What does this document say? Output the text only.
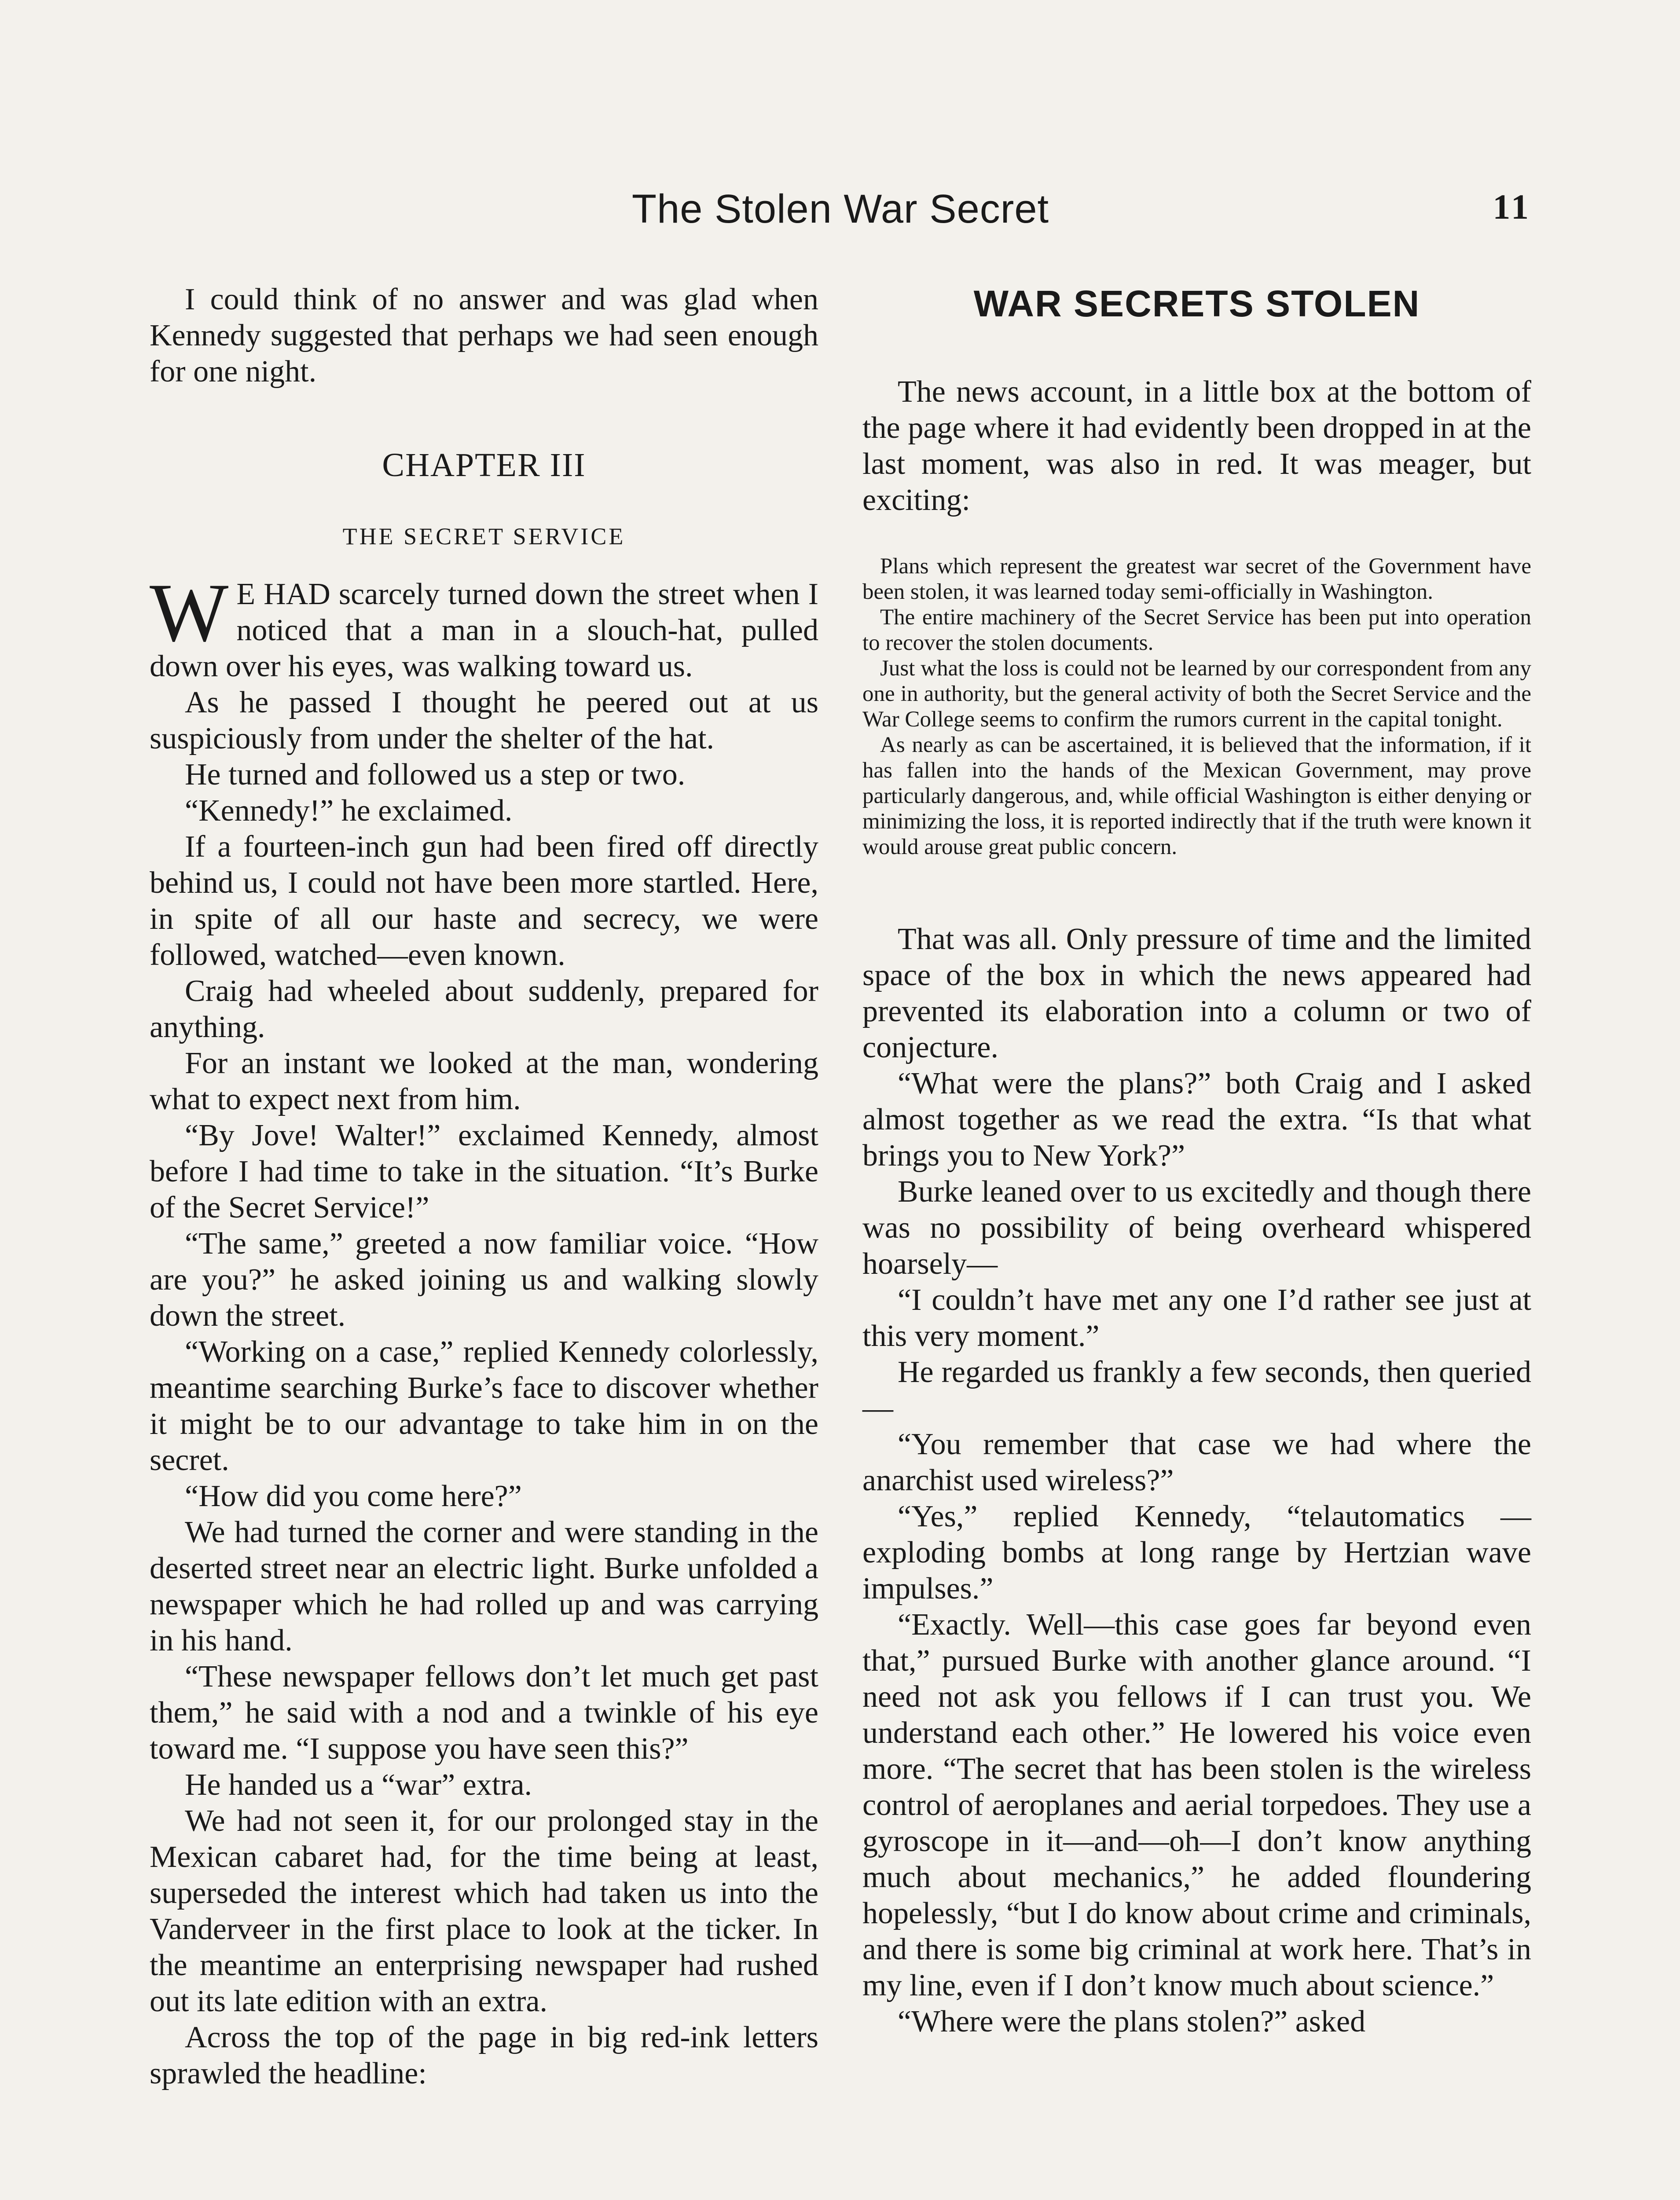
The Stolen War Secret	11

I could think of no answer and was glad when Kennedy suggested that perhaps we had seen enough for one night.

CHAPTER III
THE SECRET SERVICE

W E HAD scarcely turned down the street when I noticed that a man in a slouch-hat, pulled down over his eyes, was walking toward us.

As he passed I thought he peered out at us suspiciously from under the shelter of the hat.

He turned and followed us a step or two.

“Kennedy!” he exclaimed.

If a fourteen-inch gun had been fired off directly behind us, I could not have been more startled. Here, in spite of all our haste and secrecy, we were followed, watched—even known.

Craig had wheeled about suddenly, prepared for anything.

For an instant we looked at the man, wondering what to expect next from him.

“By Jove! Walter!” exclaimed Kennedy, almost before I had time to take in the situation. “It’s Burke of the Secret Service!”

“The same,” greeted a now familiar voice. “How are you?” he asked joining us and walking slowly down the street.

“Working on a case,” replied Kennedy colorlessly, meantime searching Burke’s face to discover whether it might be to our advantage to take him in on the secret.

“How did you come here?”

We had turned the corner and were standing in the deserted street near an electric light. Burke unfolded a newspaper which he had rolled up and was carrying in his hand.

“These newspaper fellows don’t let much get past them,” he said with a nod and a twinkle of his eye toward me. “I suppose you have seen this?”

He handed us a “war” extra.

We had not seen it, for our prolonged stay in the Mexican cabaret had, for the time being at least, superseded the interest which had taken us into the Vanderveer in the first place to look at the ticker. In the meantime an enterprising newspaper had rushed out its late edition with an extra.

Across the top of the page in big red-ink letters sprawled the headline:

WAR SECRETS STOLEN

The news account, in a little box at the bottom of the page where it had evidently been dropped in at the last moment, was also in red. It was meager, but exciting:

Plans which represent the greatest war secret of the Government have been stolen, it was learned today semi-officially in Washington.

The entire machinery of the Secret Service has been put into operation to recover the stolen documents.

Just what the loss is could not be learned by our correspondent from any one in authority, but the general activity of both the Secret Service and the War College seems to confirm the rumors current in the capital tonight.

As nearly as can be ascertained, it is believed that the information, if it has fallen into the hands of the Mexican Government, may prove particularly dangerous, and, while official Washington is either denying or minimizing the loss, it is reported indirectly that if the truth were known it would arouse great public concern.

That was all. Only pressure of time and the limited space of the box in which the news appeared had prevented its elaboration into a column or two of conjecture.

“What were the plans?” both Craig and I asked almost together as we read the extra. “Is that what brings you to New York?”

Burke leaned over to us excitedly and though there was no possibility of being overheard whispered hoarsely—

“I couldn’t have met any one I’d rather see just at this very moment.”

He regarded us frankly a few seconds, then queried—

“You remember that case we had where the anarchist used wireless?”

“Yes,” replied Kennedy, “telautomatics —exploding bombs at long range by Hertzian wave impulses.”

“Exactly. Well—this case goes far beyond even that,” pursued Burke with another glance around. “I need not ask you fellows if I can trust you. We understand each other.” He lowered his voice even more. “The secret that has been stolen is the wireless control of aeroplanes and aerial torpedoes. They use a gyroscope in it—and—oh—I don’t know anything much about mechanics,” he added floundering hopelessly, “but I do know about crime and criminals, and there is some big criminal at work here. That’s in my line, even if I don’t know much about science.”

“Where were the plans stolen?” asked
